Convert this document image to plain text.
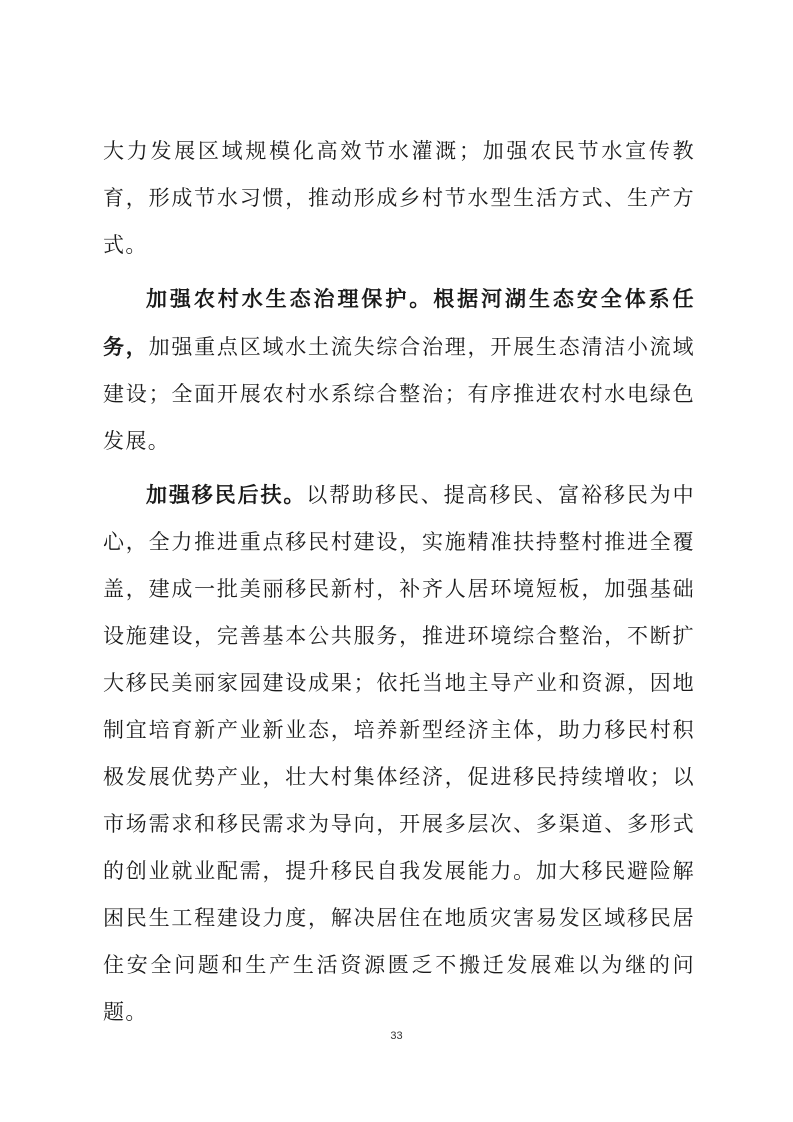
大力发展区域规模化高效节水灌溉；加强农民节水宣传教育，形成节水习惯，推动形成乡村节水型生活方式、生产方式。

加强农村水生态治理保护。根据河湖生态安全体系任务，加强重点区域水土流失综合治理，开展生态清洁小流域建设；全面开展农村水系综合整治；有序推进农村水电绿色发展。

加强移民后扶。以帮助移民、提高移民、富裕移民为中心，全力推进重点移民村建设，实施精准扶持整村推进全覆盖，建成一批美丽移民新村，补齐人居环境短板，加强基础设施建设，完善基本公共服务，推进环境综合整治，不断扩大移民美丽家园建设成果；依托当地主导产业和资源，因地制宜培育新产业新业态，培养新型经济主体，助力移民村积极发展优势产业，壮大村集体经济，促进移民持续增收；以市场需求和移民需求为导向，开展多层次、多渠道、多形式的创业就业配需，提升移民自我发展能力。加大移民避险解困民生工程建设力度，解决居住在地质灾害易发区域移民居住安全问题和生产生活资源匮乏不搬迁发展难以为继的问题。

33
